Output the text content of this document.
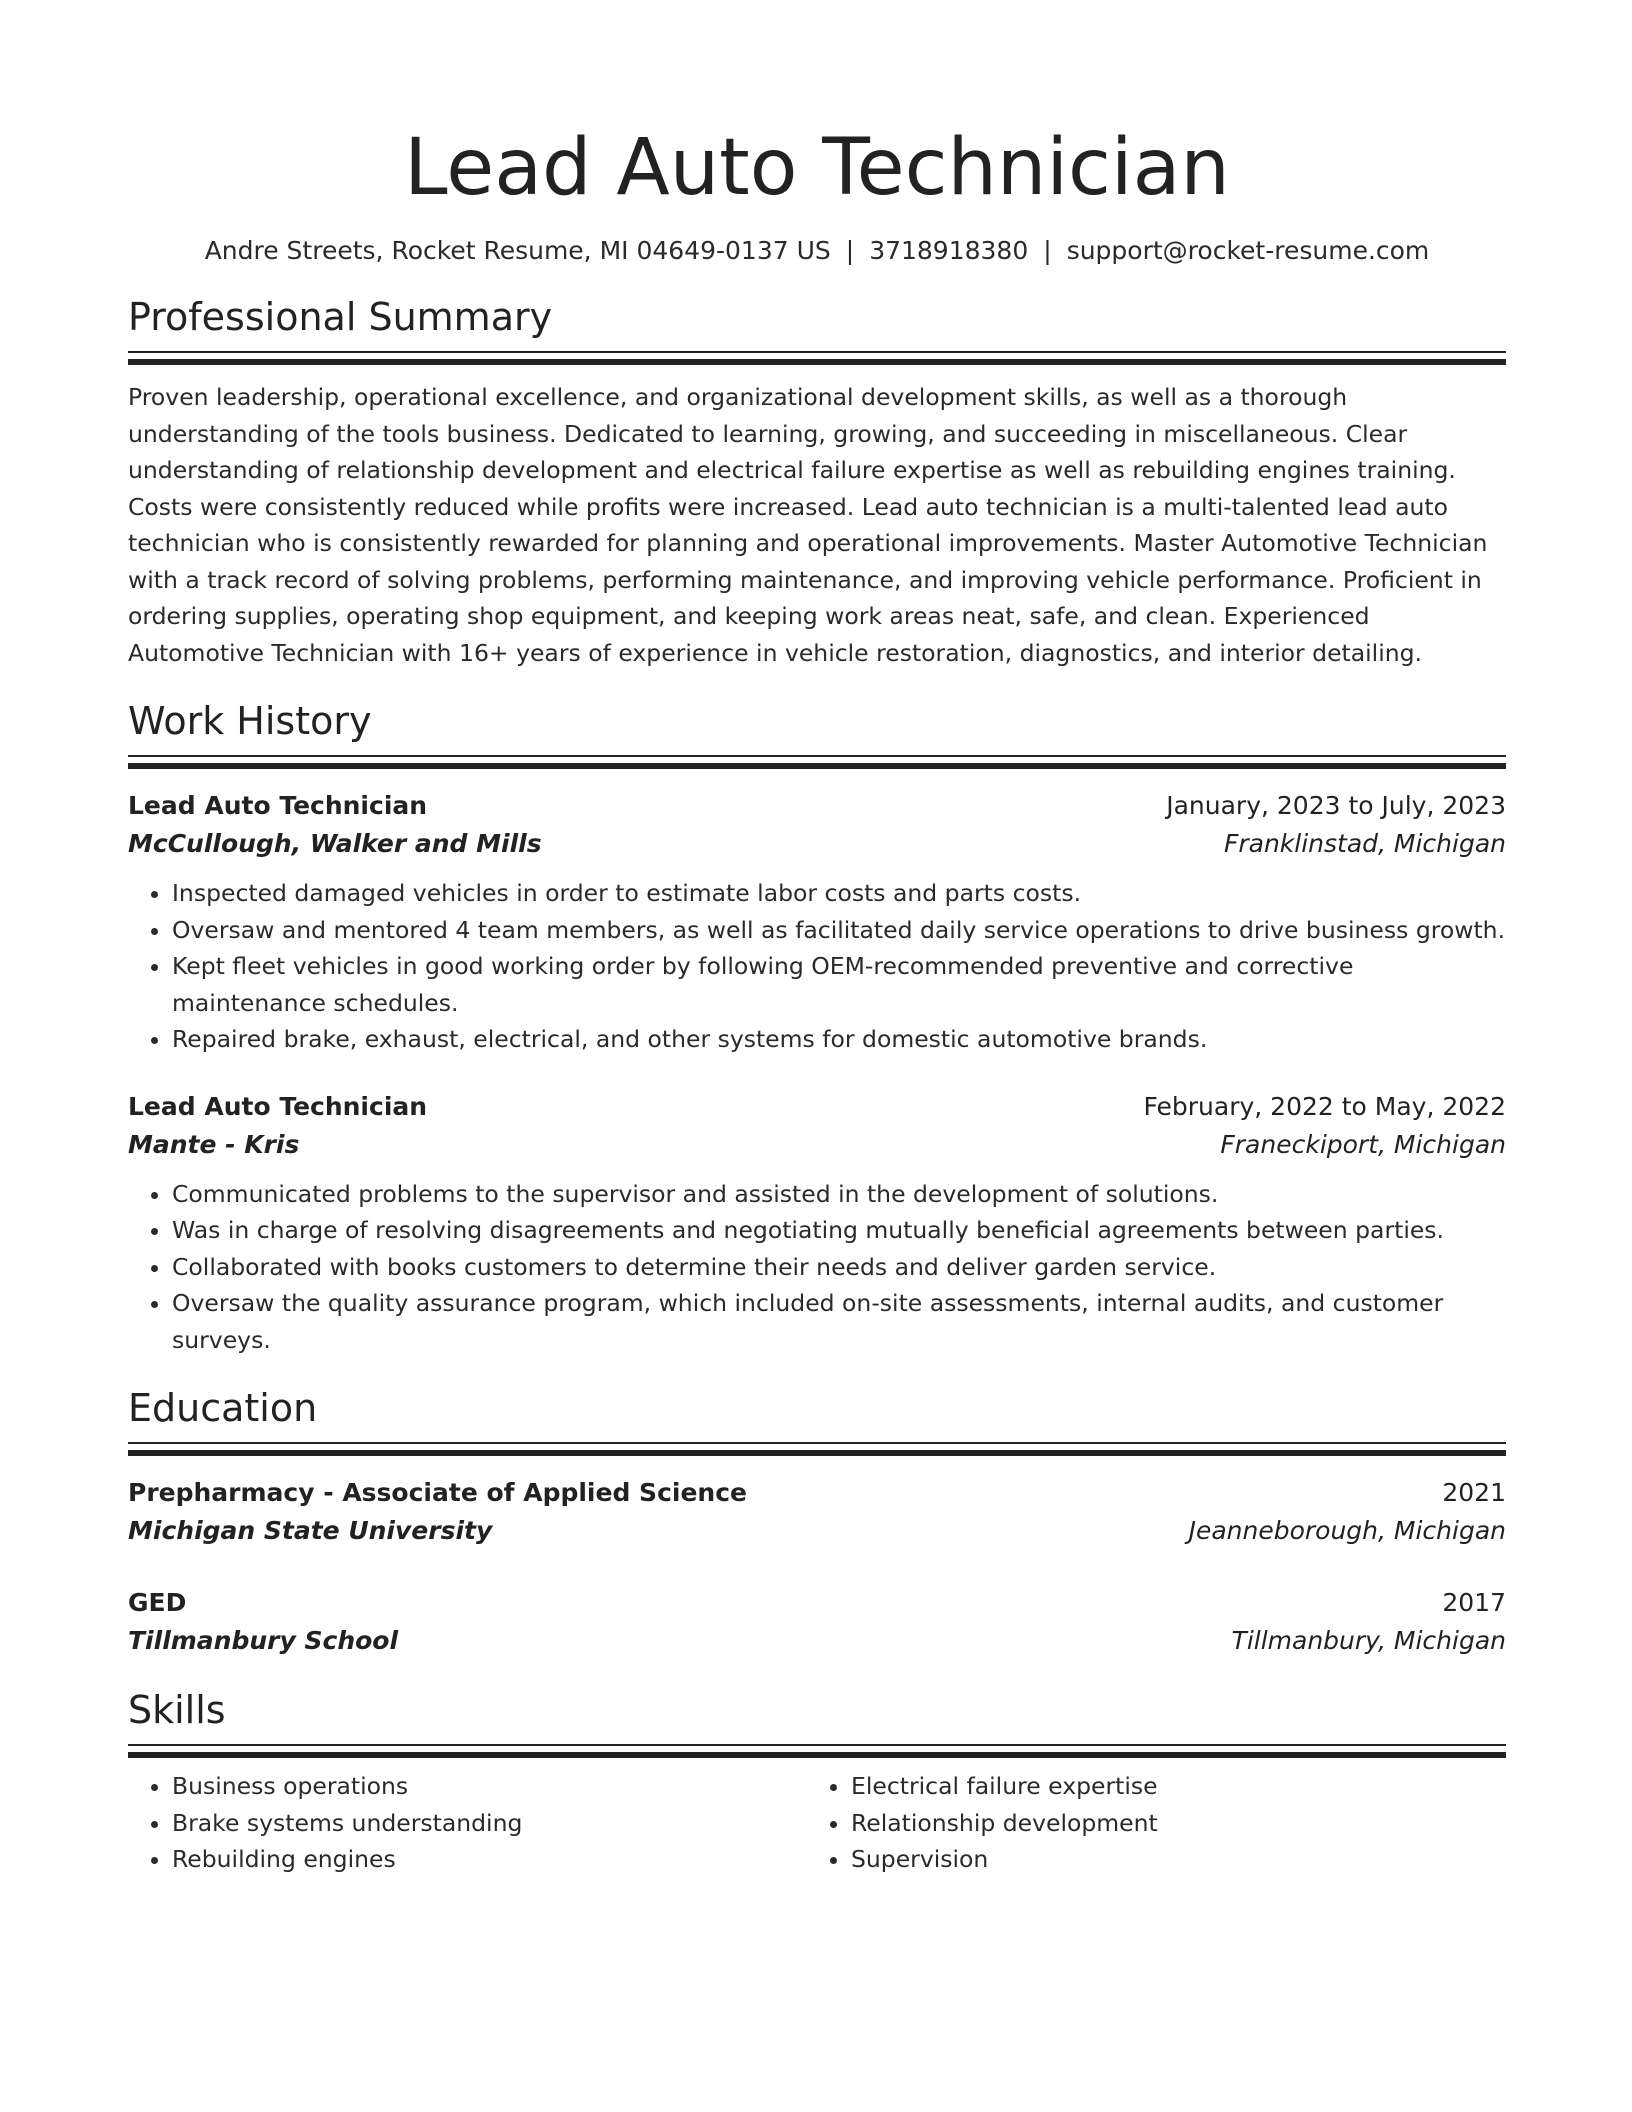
Lead Auto Technician
Andre Streets, Rocket Resume, MI 04649-0137 US | 3718918380 | support@rocket-resume.com
Professional Summary
Proven leadership, operational excellence, and organizational development skills, as well as a thorough understanding of the tools business. Dedicated to learning, growing, and succeeding in miscellaneous. Clear understanding of relationship development and electrical failure expertise as well as rebuilding engines training. Costs were consistently reduced while profits were increased. Lead auto technician is a multi-talented lead auto technician who is consistently rewarded for planning and operational improvements. Master Automotive Technician with a track record of solving problems, performing maintenance, and improving vehicle performance. Proficient in ordering supplies, operating shop equipment, and keeping work areas neat, safe, and clean. Experienced Automotive Technician with 16+ years of experience in vehicle restoration, diagnostics, and interior detailing.
Work History
Lead Auto Technician	January, 2023 to July, 2023
McCullough, Walker and Mills	Franklinstad, Michigan
• Inspected damaged vehicles in order to estimate labor costs and parts costs.
• Oversaw and mentored 4 team members, as well as facilitated daily service operations to drive business growth.
• Kept fleet vehicles in good working order by following OEM-recommended preventive and corrective maintenance schedules.
• Repaired brake, exhaust, electrical, and other systems for domestic automotive brands.
Lead Auto Technician	February, 2022 to May, 2022
Mante - Kris	Franeckiport, Michigan
• Communicated problems to the supervisor and assisted in the development of solutions.
• Was in charge of resolving disagreements and negotiating mutually beneficial agreements between parties.
• Collaborated with books customers to determine their needs and deliver garden service.
• Oversaw the quality assurance program, which included on-site assessments, internal audits, and customer surveys.
Education
Prepharmacy - Associate of Applied Science	2021
Michigan State University	Jeanneborough, Michigan
GED	2017
Tillmanbury School	Tillmanbury, Michigan
Skills
• Business operations
• Brake systems understanding
• Rebuilding engines
• Electrical failure expertise
• Relationship development
• Supervision
